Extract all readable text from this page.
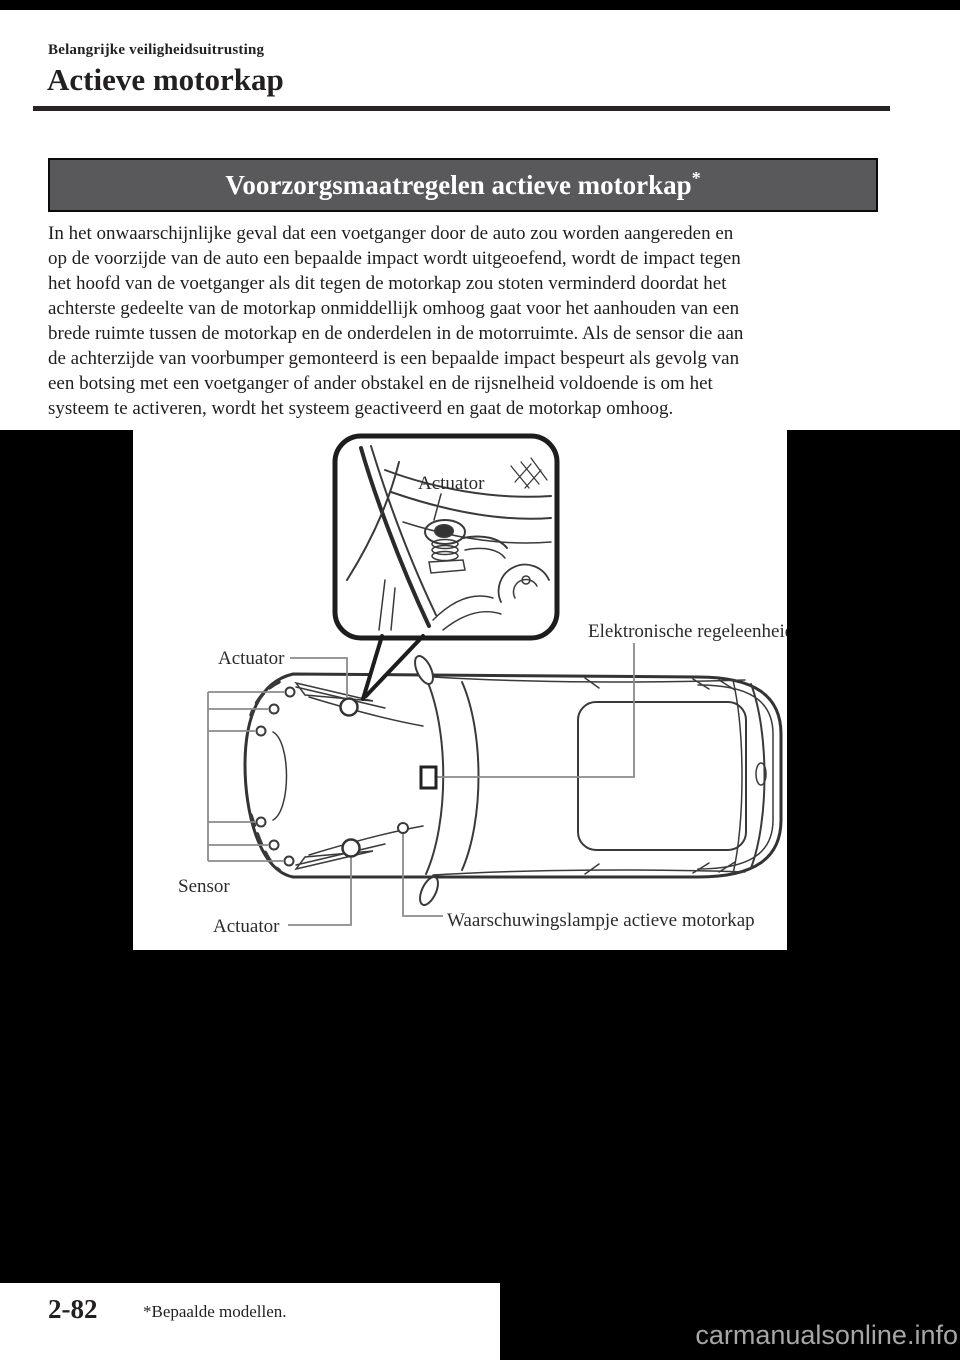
Belangrijke veiligheidsuitrusting
Actieve motorkap
Voorzorgsmaatregelen actieve motorkap*
In het onwaarschijnlijke geval dat een voetganger door de auto zou worden aangereden en
op de voorzijde van de auto een bepaalde impact wordt uitgeoefend, wordt de impact tegen
het hoofd van de voetganger als dit tegen de motorkap zou stoten verminderd doordat het
achterste gedeelte van de motorkap onmiddellijk omhoog gaat voor het aanhouden van een
brede ruimte tussen de motorkap en de onderdelen in de motorruimte. Als de sensor die aan
de achterzijde van voorbumper gemonteerd is een bepaalde impact bespeurt als gevolg van
een botsing met een voetganger of ander obstakel en de rijsnelheid voldoende is om het
systeem te activeren, wordt het systeem geactiveerd en gaat de motorkap omhoog.
Actuator
Actuator
Elektronische regeleenheid
Sensor
Actuator	Waarschuwingslampje actieve motorkap
2-82	*Bepaalde modellen.
carmanualsonline.info
